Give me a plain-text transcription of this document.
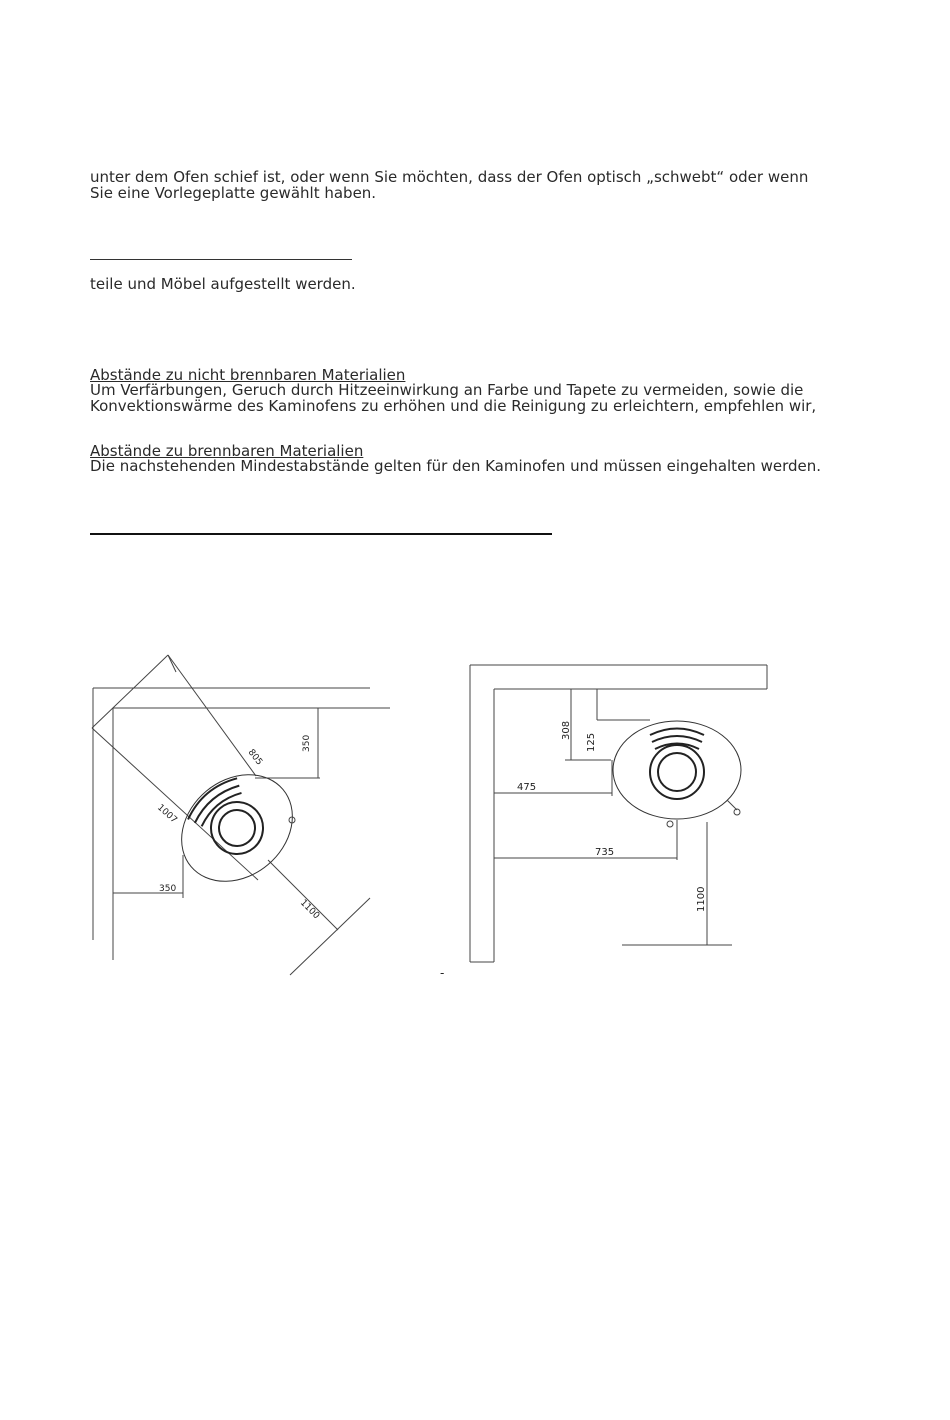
unter dem Ofen schief ist, oder wenn Sie möchten, dass der Ofen optisch „schwebt“ oder wenn
Sie eine Vorlegeplatte gewählt haben.
teile und Möbel aufgestellt werden.
Abstände zu nicht brennbaren Materialien
Um Verfärbungen, Geruch durch Hitzeeinwirkung an Farbe und Tapete zu vermeiden, sowie die
Konvektionswärme des Kaminofens zu erhöhen und die Reinigung zu erleichtern, empfehlen wir,
Abstände zu brennbaren Materialien
Die nachstehenden Mindestabstände gelten für den Kaminofen und müssen eingehalten werden.
805
350
1007
350
1100
308
125
475
735
1100
-
